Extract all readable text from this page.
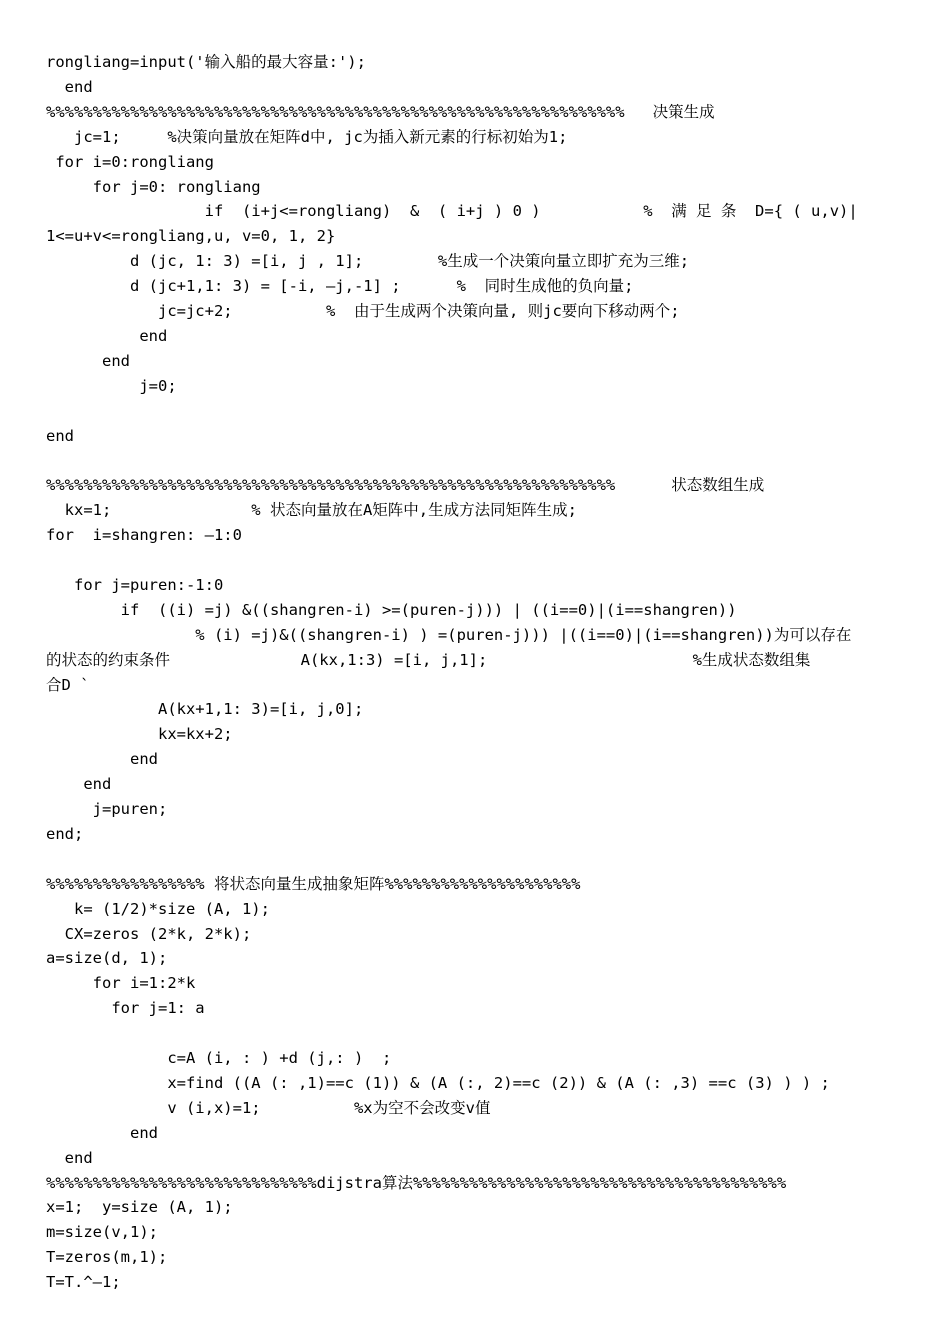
rongliang=input('输入船的最大容量:');
end
%%%%%%%%%%%%%%%%%%%%%%%%%%%%%%%%%%%%%%%%%%%%%%%%%%%%%%%%%%%%%%   决策生成
jc=1;     %决策向量放在矩阵d中, jc为插入新元素的行标初始为1;
for i=0:rongliang
for j=0: rongliang
if  (i+j<=rongliang)  &  ( i+j ) 0 )           %  满 足 条  D={ ( u,v)|
1<=u+v<=rongliang,u, v=0, 1, 2}
d (jc, 1: 3) =[i, j , 1];        %生成一个决策向量立即扩充为三维;
d (jc+1,1: 3) = [-i, —j,-1] ;      %  同时生成他的负向量;
jc=jc+2;          %  由于生成两个决策向量, 则jc要向下移动两个;
end
end
j=0;
end
%%%%%%%%%%%%%%%%%%%%%%%%%%%%%%%%%%%%%%%%%%%%%%%%%%%%%%%%%%%%%      状态数组生成
kx=1;               % 状态向量放在A矩阵中,生成方法同矩阵生成;
for  i=shangren: —1:0
for j=puren:-1:0
if  ((i) =j) &((shangren-i) >=(puren-j))) | ((i==0)|(i==shangren))
% (i) =j)&((shangren-i) ) =(puren-j))) |((i==0)|(i==shangren))为可以存在
的状态的约束条件              A(kx,1:3) =[i, j,1];                      %生成状态数组集
合D `
A(kx+1,1: 3)=[i, j,0];
kx=kx+2;
end
end
j=puren;
end;
%%%%%%%%%%%%%%%%% 将状态向量生成抽象矩阵%%%%%%%%%%%%%%%%%%%%%
k= (1/2)*size (A, 1);
CX=zeros (2*k, 2*k);
a=size(d, 1);
for i=1:2*k
for j=1: a
c=A (i, : ) +d (j,: )  ;
x=find ((A (: ,1)==c (1)) & (A (:, 2)==c (2)) & (A (: ,3) ==c (3) ) ) ;
v (i,x)=1;          %x为空不会改变v值
end
end
%%%%%%%%%%%%%%%%%%%%%%%%%%%%%dijstra算法%%%%%%%%%%%%%%%%%%%%%%%%%%%%%%%%%%%%%%%%
x=1;  y=size (A, 1);
m=size(v,1);
T=zeros(m,1);
T=T.^—1;
